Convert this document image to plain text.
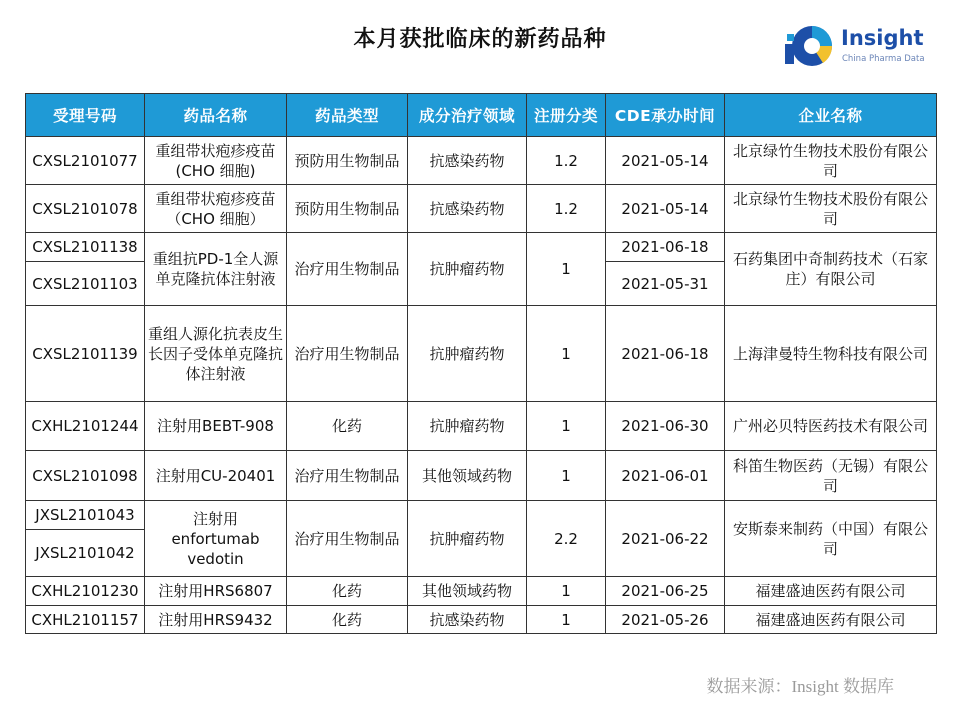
本月获批临床的新药品种	Insight
China Pharma Data
受理号码	药品名称	药品类型	成分治疗领域	注册分类	CDE承办时间	企业名称
CXSL2101077	重组带状疱疹疫苗(CHO 细胞)	预防用生物制品	抗感染药物	1.2	2021-05-14	北京绿竹生物技术股份有限公司
CXSL2101078	重组带状疱疹疫苗（CHO 细胞）	预防用生物制品	抗感染药物	1.2	2021-05-14	北京绿竹生物技术股份有限公司
CXSL2101138	重组抗PD-1全人源单克隆抗体注射液	治疗用生物制品	抗肿瘤药物	1	2021-06-18	石药集团中奇制药技术（石家庄）有限公司
CXSL2101103					2021-05-31	
CXSL2101139	重组人源化抗表皮生长因子受体单克隆抗体注射液	治疗用生物制品	抗肿瘤药物	1	2021-06-18	上海津曼特生物科技有限公司
CXHL2101244	注射用BEBT-908	化药	抗肿瘤药物	1	2021-06-30	广州必贝特医药技术有限公司
CXSL2101098	注射用CU-20401	治疗用生物制品	其他领域药物	1	2021-06-01	科笛生物医药（无锡）有限公司
JXSL2101043	注射用 enfortumab vedotin	治疗用生物制品	抗肿瘤药物	2.2	2021-06-22	安斯泰来制药（中国）有限公司
JXSL2101042						
CXHL2101230	注射用HRS6807	化药	其他领域药物	1	2021-06-25	福建盛迪医药有限公司
CXHL2101157	注射用HRS9432	化药	抗感染药物	1	2021-05-26	福建盛迪医药有限公司
数据来源：Insight 数据库
